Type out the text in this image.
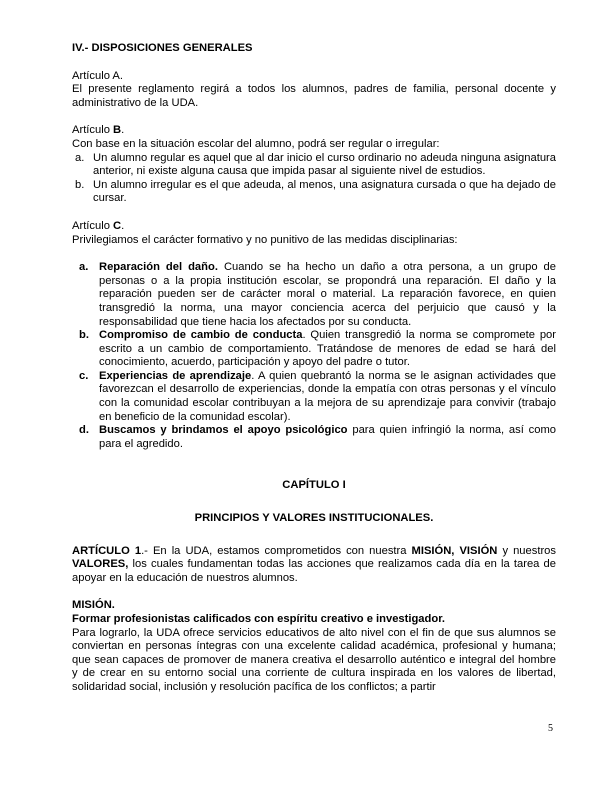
IV.- DISPOSICIONES GENERALES

Artículo A.

El presente reglamento regirá a todos los alumnos, padres de familia, personal docente y administrativo de la UDA.

Artículo B.

Con base en la situación escolar del alumno, podrá ser regular o irregular:

a. Un alumno regular es aquel que al dar inicio el curso ordinario no adeuda ninguna asignatura anterior, ni existe alguna causa que impida pasar al siguiente nivel de estudios.
b. Un alumno irregular es el que adeuda, al menos, una asignatura cursada o que ha dejado de cursar.

Artículo C.

Privilegiamos el carácter formativo y no punitivo de las medidas disciplinarias:

a. Reparación del daño. Cuando se ha hecho un daño a otra persona, a un grupo de personas o a la propia institución escolar, se propondrá una reparación. El daño y la reparación pueden ser de carácter moral o material. La reparación favorece, en quien transgredió la norma, una mayor conciencia acerca del perjuicio que causó y la responsabilidad que tiene hacia los afectados por su conducta.
b. Compromiso de cambio de conducta. Quien transgredió la norma se compromete por escrito a un cambio de comportamiento. Tratándose de menores de edad se hará del conocimiento, acuerdo, participación y apoyo del padre o tutor.
c. Experiencias de aprendizaje. A quien quebrantó la norma se le asignan actividades que favorezcan el desarrollo de experiencias, donde la empatía con otras personas y el vínculo con la comunidad escolar contribuyan a la mejora de su aprendizaje para convivir (trabajo en beneficio de la comunidad escolar).
d. Buscamos y brindamos el apoyo psicológico para quien infringió la norma, así como para el agredido.

CAPÍTULO I

PRINCIPIOS Y VALORES INSTITUCIONALES.

ARTÍCULO 1.- En la UDA, estamos comprometidos con nuestra MISIÓN, VISIÓN y nuestros VALORES, los cuales fundamentan todas las acciones que realizamos cada día en la tarea de apoyar en la educación de nuestros alumnos.

MISIÓN.

Formar profesionistas calificados con espíritu creativo e investigador.

Para lograrlo, la UDA ofrece servicios educativos de alto nivel con el fin de que sus alumnos se conviertan en personas íntegras con una excelente calidad académica, profesional y humana; que sean capaces de promover de manera creativa el desarrollo auténtico e integral del hombre y de crear en su entorno social una corriente de cultura inspirada en los valores de libertad, solidaridad social, inclusión y resolución pacífica de los conflictos; a partir

5
